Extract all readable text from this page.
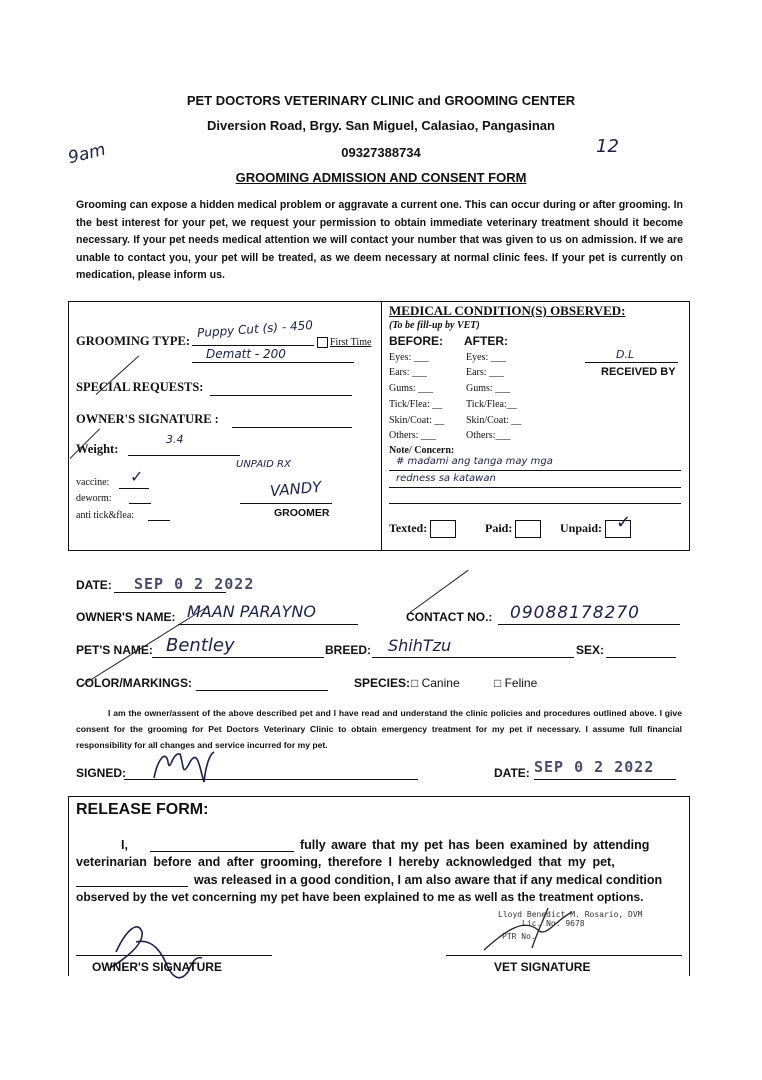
PET DOCTORS VETERINARY CLINIC and GROOMING CENTER
Diversion Road, Brgy. San Miguel, Calasiao, Pangasinan
09327388734
GROOMING ADMISSION AND CONSENT FORM
9am	12
Grooming can expose a hidden medical problem or aggravate a current one. This can occur during or after grooming. In the best interest for your pet, we request your permission to obtain immediate veterinary treatment should it become necessary. If your pet needs medical attention we will contact your number that was given to us on admission. If we are unable to contact you, your pet will be treated, as we deem necessary at normal clinic fees. If your pet is currently on medication, please inform us.
GROOMING TYPE:
Puppy Cut (s) - 450
First Time
Dematt - 200
SPECIAL REQUESTS:
OWNER'S SIGNATURE :
Weight:
3.4
UNPAID RX
vaccine: ✓
deworm:
anti tick&flea:
VANDY
GROOMER
MEDICAL CONDITION(S) OBSERVED:
(To be fill-up by VET)
BEFORE: AFTER:
Eyes: ___	Eyes: ___
Ears: ___	Ears: ___
Gums: ___	Gums: ___
Tick/Flea: __ Tick/Flea:__
Skin/Coat: __ Skin/Coat: __
Others: ___	Others:___
D.L
RECEIVED BY
Note/ Concern:
# madami ang tanga may mga
redness sa katawan
Texted:	Paid:	Unpaid: ✓
DATE: SEP 0 2 2022
OWNER'S NAME: MAAN PARAYNO	CONTACT NO.: 09088178270
PET'S NAME: Bentley	BREED: ShihTzu	SEX:
COLOR/MARKINGS:	SPECIES: □ Canine	□ Feline
I am the owner/assent of the above described pet and I have read and understand the clinic policies and procedures outlined above. I give consent for the grooming for Pet Doctors Veterinary Clinic to obtain emergency treatment for my pet if necessary. I assume full financial responsibility for all changes and service incurred for my pet.
SIGNED:	DATE: SEP 0 2 2022
RELEASE FORM:
I,	fully aware that my pet has been examined by attending
veterinarian before and after grooming, therefore I hereby acknowledged that my pet,
was released in a good condition, I am also aware that if any medical condition
observed by the vet concerning my pet have been explained to me as well as the treatment options.
Lloyd Benedict M. Rosario, DVM
Lic. No. 9678
PTR No.
OWNER'S SIGNATURE	VET SIGNATURE
